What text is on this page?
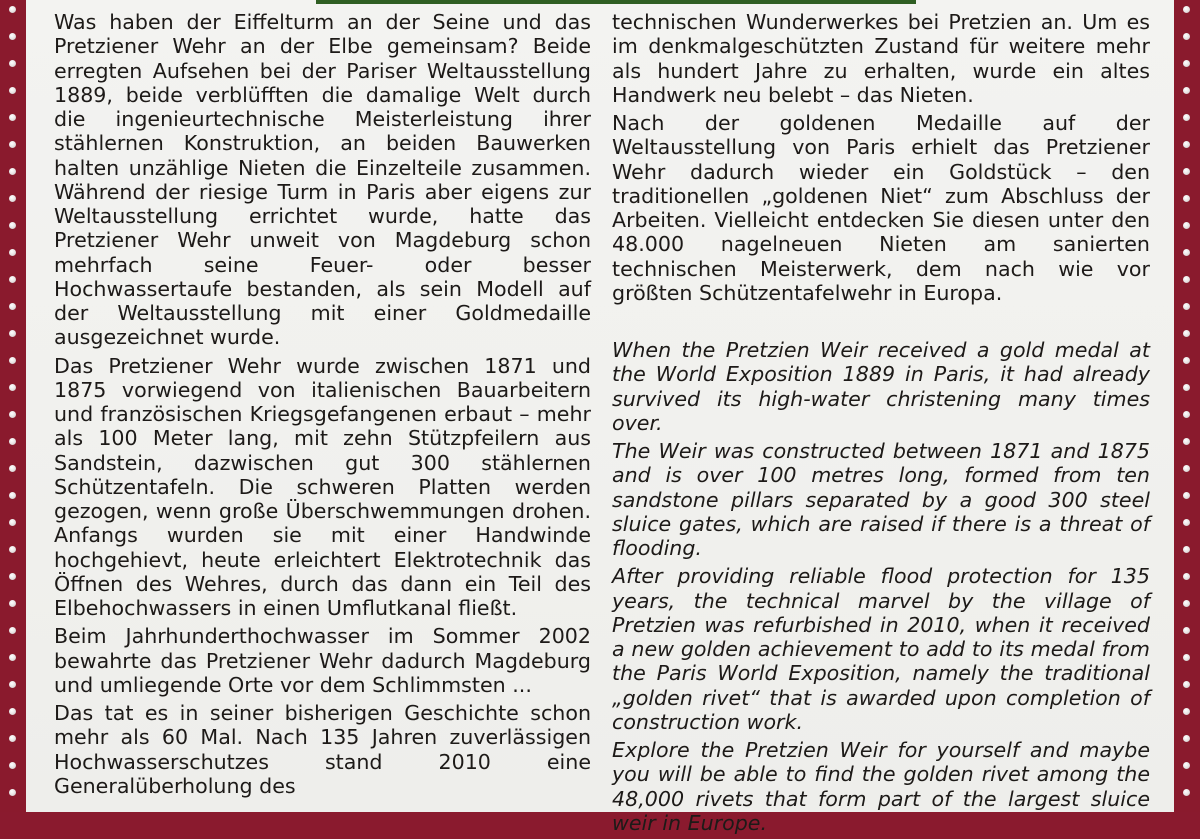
Was haben der Eiffelturm an der Seine und das Pretziener Wehr an der Elbe gemeinsam? Beide erregten Aufsehen bei der Pariser Weltausstellung 1889, beide verblüfften die damalige Welt durch die ingenieurtechnische Meisterleistung ihrer stählernen Konstruktion, an beiden Bauwerken halten unzählige Nieten die Einzelteile zusammen. Während der riesige Turm in Paris aber eigens zur Weltausstellung errichtet wurde, hatte das Pretziener Wehr unweit von Magdeburg schon mehrfach seine Feuer- oder besser Hochwassertaufe bestanden, als sein Modell auf der Weltausstellung mit einer Goldmedaille ausgezeichnet wurde.

Das Pretziener Wehr wurde zwischen 1871 und 1875 vorwiegend von italienischen Bauarbeitern und französischen Kriegsgefangenen erbaut – mehr als 100 Meter lang, mit zehn Stützpfeilern aus Sandstein, dazwischen gut 300 stählernen Schützentafeln. Die schweren Platten werden gezogen, wenn große Überschwemmungen drohen. Anfangs wurden sie mit einer Handwinde hochgehievt, heute erleichtert Elektrotechnik das Öffnen des Wehres, durch das dann ein Teil des Elbehochwassers in einen Umflutkanal fließt.

Beim Jahrhunderthochwasser im Sommer 2002 bewahrte das Pretziener Wehr dadurch Magdeburg und umliegende Orte vor dem Schlimmsten ...

Das tat es in seiner bisherigen Geschichte schon mehr als 60 Mal. Nach 135 Jahren zuverlässigen Hochwasserschutzes stand 2010 eine Generalüberholung des

technischen Wunderwerkes bei Pretzien an. Um es im denkmalgeschützten Zustand für weitere mehr als hundert Jahre zu erhalten, wurde ein altes Handwerk neu belebt – das Nieten.

Nach der goldenen Medaille auf der Weltausstellung von Paris erhielt das Pretziener Wehr dadurch wieder ein Goldstück – den traditionellen „goldenen Niet“ zum Abschluss der Arbeiten. Vielleicht entdecken Sie diesen unter den 48.000 nagelneuen Nieten am sanierten technischen Meisterwerk, dem nach wie vor größten Schützentafelwehr in Europa.

When the Pretzien Weir received a gold medal at the World Exposition 1889 in Paris, it had already survived its high-water christening many times over.

The Weir was constructed between 1871 and 1875 and is over 100 metres long, formed from ten sandstone pillars separated by a good 300 steel sluice gates, which are raised if there is a threat of flooding.

After providing reliable flood protection for 135 years, the technical marvel by the village of Pretzien was refurbished in 2010, when it received a new golden achievement to add to its medal from the Paris World Exposition, namely the traditional „golden rivet“ that is awarded upon completion of construction work.

Explore the Pretzien Weir for yourself and maybe you will be able to find the golden rivet among the 48,000 rivets that form part of the largest sluice weir in Europe.
